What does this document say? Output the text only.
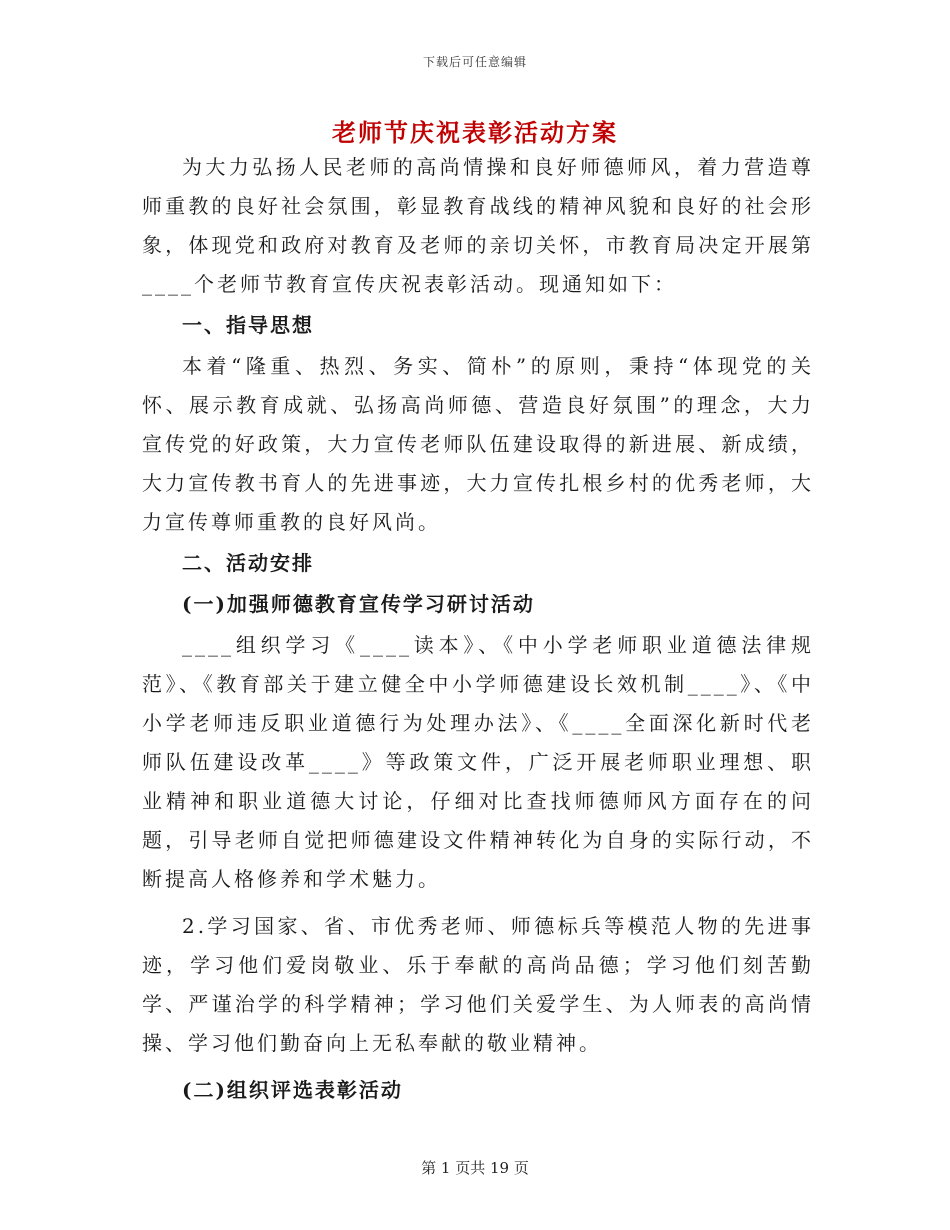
下载后可任意编辑
老师节庆祝表彰活动方案

为大力弘扬人民老师的高尚情操和良好师德师风，着力营造尊师重教的良好社会氛围，彰显教育战线的精神风貌和良好的社会形象，体现党和政府对教育及老师的亲切关怀，市教育局决定开展第____个老师节教育宣传庆祝表彰活动。现通知如下：

一、指导思想

本着“隆重、热烈、务实、简朴”的原则，秉持“体现党的关怀、展示教育成就、弘扬高尚师德、营造良好氛围”的理念，大力宣传党的好政策，大力宣传老师队伍建设取得的新进展、新成绩，大力宣传教书育人的先进事迹，大力宣传扎根乡村的优秀老师，大力宣传尊师重教的良好风尚。

二、活动安排

(一)加强师德教育宣传学习研讨活动

____组织学习《____读本》、《中小学老师职业道德法律规范》、《教育部关于建立健全中小学师德建设长效机制____》、《中小学老师违反职业道德行为处理办法》、《____全面深化新时代老师队伍建设改革____》等政策文件，广泛开展老师职业理想、职业精神和职业道德大讨论，仔细对比查找师德师风方面存在的问题，引导老师自觉把师德建设文件精神转化为自身的实际行动，不断提高人格修养和学术魅力。

2.学习国家、省、市优秀老师、师德标兵等模范人物的先进事迹，学习他们爱岗敬业、乐于奉献的高尚品德；学习他们刻苦勤学、严谨治学的科学精神；学习他们关爱学生、为人师表的高尚情操、学习他们勤奋向上无私奉献的敬业精神。

(二)组织评选表彰活动

第 1 页共 19 页
